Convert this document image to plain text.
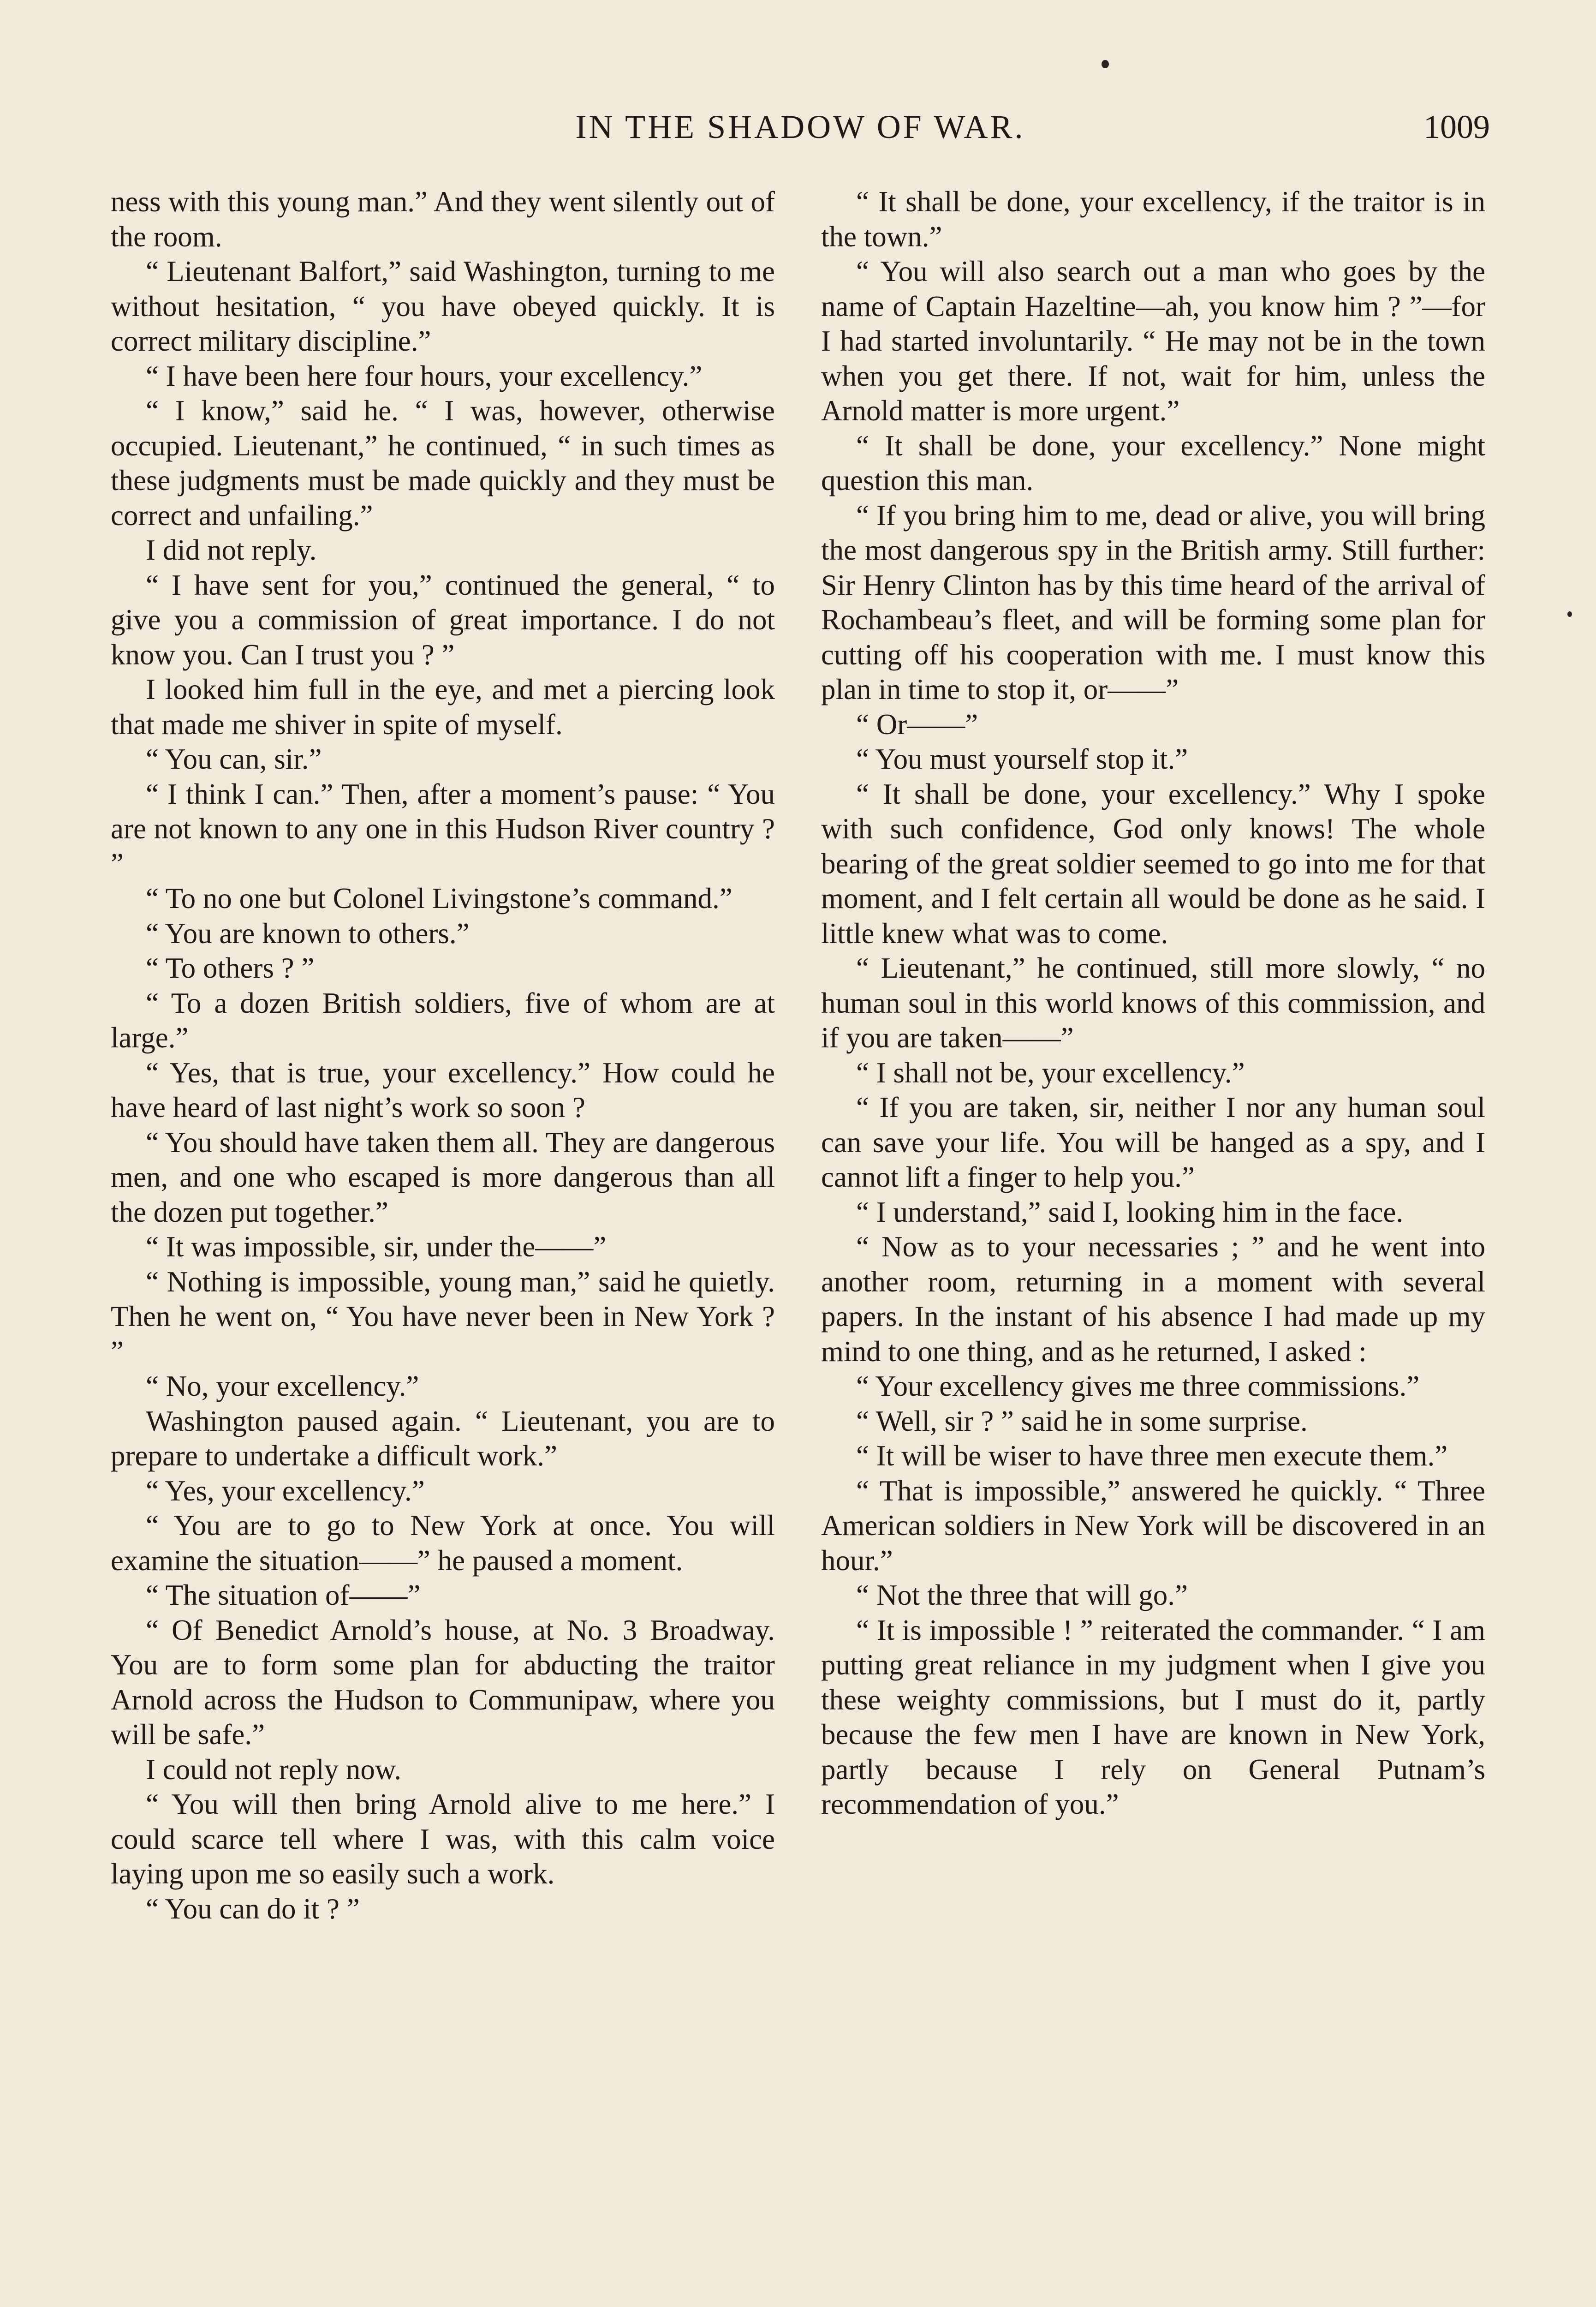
IN THE SHADOW OF WAR.	1009

ness with this young man.” And they went silently out of the room.

“ Lieutenant Balfort,” said Washington, turning to me without hesitation, “ you have obeyed quickly. It is correct military discipline.”

“ I have been here four hours, your excellency.”

“ I know,” said he. “ I was, however, otherwise occupied. Lieutenant,” he continued, “ in such times as these judgments must be made quickly and they must be correct and unfailing.”

I did not reply.

“ I have sent for you,” continued the general, “ to give you a commission of great importance. I do not know you. Can I trust you ? ”

I looked him full in the eye, and met a piercing look that made me shiver in spite of myself.

“ You can, sir.”

“ I think I can.” Then, after a moment’s pause: “ You are not known to any one in this Hudson River country ? ”

“ To no one but Colonel Livingstone’s command.”

“ You are known to others.”

“ To others ? ”

“ To a dozen British soldiers, five of whom are at large.”

“ Yes, that is true, your excellency.” How could he have heard of last night’s work so soon ?

“ You should have taken them all. They are dangerous men, and one who escaped is more dangerous than all the dozen put together.”

“ It was impossible, sir, under the——”

“ Nothing is impossible, young man,” said he quietly. Then he went on, “ You have never been in New York ? ”

“ No, your excellency.”

Washington paused again. “ Lieutenant, you are to prepare to undertake a difficult work.”

“ Yes, your excellency.”

“ You are to go to New York at once. You will examine the situation——” he paused a moment.

“ The situation of——”

“ Of Benedict Arnold’s house, at No. 3 Broadway. You are to form some plan for abducting the traitor Arnold across the Hudson to Communipaw, where you will be safe.”

I could not reply now.

“ You will then bring Arnold alive to me here.” I could scarce tell where I was, with this calm voice laying upon me so easily such a work.

“ You can do it ? ”

“ It shall be done, your excellency, if the traitor is in the town.”

“ You will also search out a man who goes by the name of Captain Hazeltine—ah, you know him ? ”—for I had started involuntarily. “ He may not be in the town when you get there. If not, wait for him, unless the Arnold matter is more urgent.”

“ It shall be done, your excellency.” None might question this man.

“ If you bring him to me, dead or alive, you will bring the most dangerous spy in the British army. Still further: Sir Henry Clinton has by this time heard of the arrival of Rochambeau’s fleet, and will be forming some plan for cutting off his cooperation with me. I must know this plan in time to stop it, or——”

“ Or——”

“ You must yourself stop it.”

“ It shall be done, your excellency.” Why I spoke with such confidence, God only knows! The whole bearing of the great soldier seemed to go into me for that moment, and I felt certain all would be done as he said. I little knew what was to come.

“ Lieutenant,” he continued, still more slowly, “ no human soul in this world knows of this commission, and if you are taken——”

“ I shall not be, your excellency.”

“ If you are taken, sir, neither I nor any human soul can save your life. You will be hanged as a spy, and I cannot lift a finger to help you.”

“ I understand,” said I, looking him in the face.

“ Now as to your necessaries ; ” and he went into another room, returning in a moment with several papers. In the instant of his absence I had made up my mind to one thing, and as he returned, I asked :

“ Your excellency gives me three commissions.”

“ Well, sir ? ” said he in some surprise.

“ It will be wiser to have three men execute them.”

“ That is impossible,” answered he quickly. “ Three American soldiers in New York will be discovered in an hour.”

“ Not the three that will go.”

“ It is impossible ! ” reiterated the commander. “ I am putting great reliance in my judgment when I give you these weighty commissions, but I must do it, partly because the few men I have are known in New York, partly because I rely on General Putnam’s recommendation of you.”
